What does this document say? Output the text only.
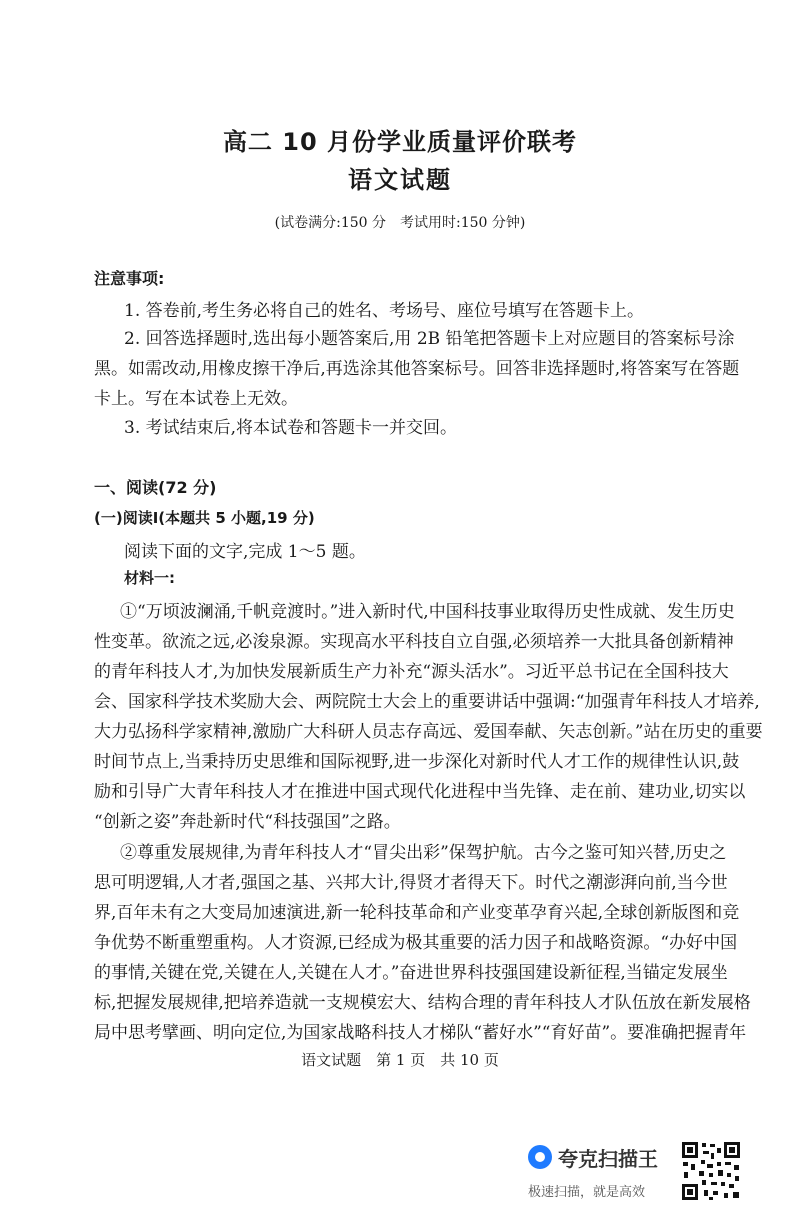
高二 10 月份学业质量评价联考
语文试题
(试卷满分:150 分　考试用时:150 分钟)
注意事项:
1. 答卷前,考生务必将自己的姓名、考场号、座位号填写在答题卡上。
2. 回答选择题时,选出每小题答案后,用 2B 铅笔把答题卡上对应题目的答案标号涂
黑。如需改动,用橡皮擦干净后,再选涂其他答案标号。回答非选择题时,将答案写在答题
卡上。写在本试卷上无效。
3. 考试结束后,将本试卷和答题卡一并交回。
一、阅读(72 分)
(一)阅读Ⅰ(本题共 5 小题,19 分)
阅读下面的文字,完成 1～5 题。
材料一:
①“万顷波澜涌,千帆竞渡时。”进入新时代,中国科技事业取得历史性成就、发生历史
性变革。欲流之远,必浚泉源。实现高水平科技自立自强,必须培养一大批具备创新精神
的青年科技人才,为加快发展新质生产力补充“源头活水”。习近平总书记在全国科技大
会、国家科学技术奖励大会、两院院士大会上的重要讲话中强调:“加强青年科技人才培养,
大力弘扬科学家精神,激励广大科研人员志存高远、爱国奉献、矢志创新。”站在历史的重要
时间节点上,当秉持历史思维和国际视野,进一步深化对新时代人才工作的规律性认识,鼓
励和引导广大青年科技人才在推进中国式现代化进程中当先锋、走在前、建功业,切实以
“创新之姿”奔赴新时代“科技强国”之路。
②尊重发展规律,为青年科技人才“冒尖出彩”保驾护航。古今之鉴可知兴替,历史之
思可明逻辑,人才者,强国之基、兴邦大计,得贤才者得天下。时代之潮澎湃向前,当今世
界,百年未有之大变局加速演进,新一轮科技革命和产业变革孕育兴起,全球创新版图和竞
争优势不断重塑重构。人才资源,已经成为极其重要的活力因子和战略资源。“办好中国
的事情,关键在党,关键在人,关键在人才。”奋进世界科技强国建设新征程,当锚定发展坐
标,把握发展规律,把培养造就一支规模宏大、结构合理的青年科技人才队伍放在新发展格
局中思考擘画、明向定位,为国家战略科技人才梯队“蓄好水”“育好苗”。要准确把握青年
语文试题　第 1 页　共 10 页
夸克扫描王
极速扫描，就是高效
